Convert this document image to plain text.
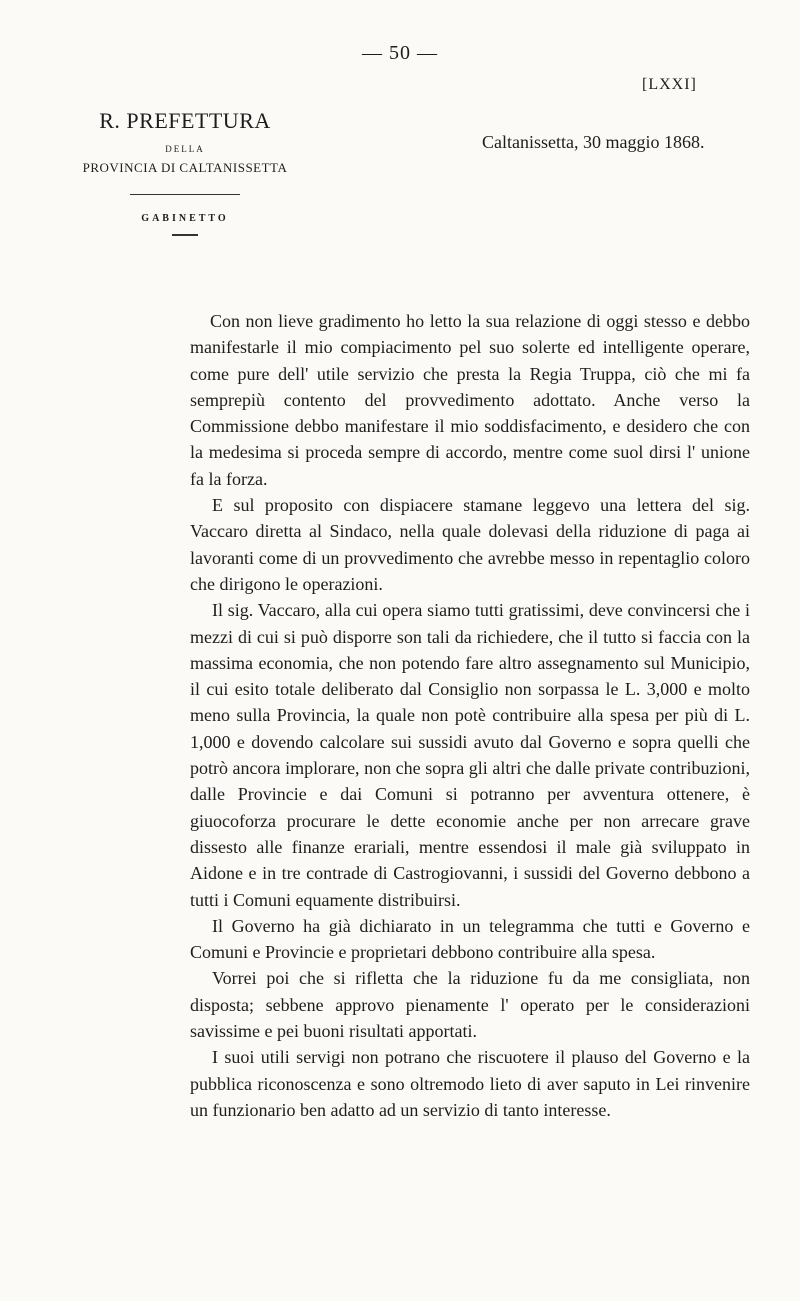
— 50 —
[LXXI]
R. PREFETTURA
DELLA
PROVINCIA DI CALTANISSETTA
GABINETTO
Caltanissetta, 30 maggio 1868.

Con non lieve gradimento ho letto la sua relazione di oggi stesso e debbo manifestarle il mio compiacimento pel suo solerte ed intelligente operare, come pure dell' utile servizio che presta la Regia Truppa, ciò che mi fa semprepiù contento del provvedimento adottato. Anche verso la Commissione debbo manifestare il mio soddisfacimento, e desidero che con la medesima si proceda sempre di accordo, mentre come suol dirsi l' unione fa la forza.

E sul proposito con dispiacere stamane leggevo una lettera del sig. Vaccaro diretta al Sindaco, nella quale dolevasi della riduzione di paga ai lavoranti come di un provvedimento che avrebbe messo in repentaglio coloro che dirigono le operazioni.

Il sig. Vaccaro, alla cui opera siamo tutti gratissimi, deve convincersi che i mezzi di cui si può disporre son tali da richiedere, che il tutto si faccia con la massima economia, che non potendo fare altro assegnamento sul Municipio, il cui esito totale deliberato dal Consiglio non sorpassa le L. 3,000 e molto meno sulla Provincia, la quale non potè contribuire alla spesa per più di L. 1,000 e dovendo calcolare sui sussidi avuto dal Governo e sopra quelli che potrò ancora implorare, non che sopra gli altri che dalle private contribuzioni, dalle Provincie e dai Comuni si potranno per avventura ottenere, è giuocoforza procurare le dette economie anche per non arrecare grave dissesto alle finanze erariali, mentre essendosi il male già sviluppato in Aidone e in tre contrade di Castrogiovanni, i sussidi del Governo debbono a tutti i Comuni equamente distribuirsi.

Il Governo ha già dichiarato in un telegramma che tutti e Governo e Comuni e Provincie e proprietari debbono contribuire alla spesa.

Vorrei poi che si rifletta che la riduzione fu da me consigliata, non disposta; sebbene approvo pienamente l' operato per le considerazioni savissime e pei buoni risultati apportati.

I suoi utili servigi non potrano che riscuotere il plauso del Governo e la pubblica riconoscenza e sono oltremodo lieto di aver saputo in Lei rinvenire un funzionario ben adatto ad un servizio di tanto interesse.
